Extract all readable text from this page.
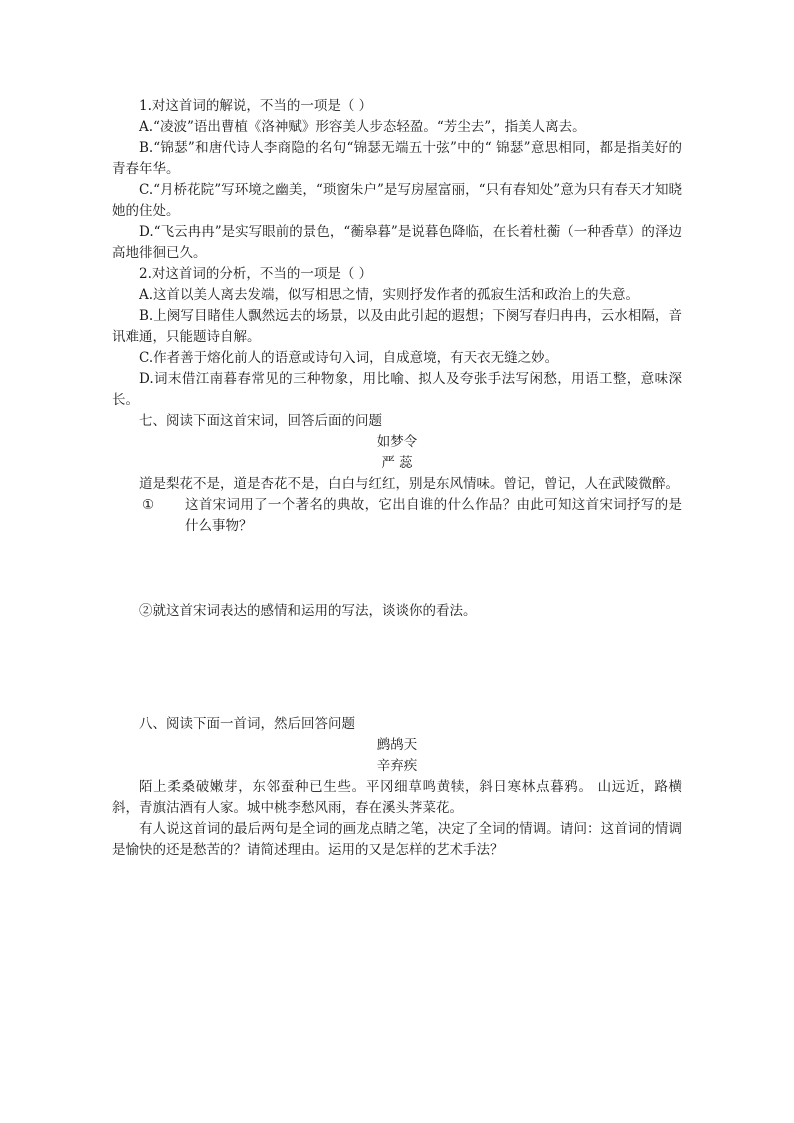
1.对这首词的解说，不当的一项是（ ）

A.“凌波”语出曹植《洛神赋》形容美人步态轻盈。“芳尘去”，指美人离去。

B.“锦瑟”和唐代诗人李商隐的名句“锦瑟无端五十弦”中的“ 锦瑟”意思相同，都是指美好的青春年华。

C.“月桥花院”写环境之幽美，“琐窗朱户”是写房屋富丽，“只有春知处”意为只有春天才知晓她的住处。

D.“飞云冉冉”是实写眼前的景色，“蘅皋暮”是说暮色降临，在长着杜蘅（一种香草）的泽边高地徘徊已久。

2.对这首词的分析，不当的一项是（ ）

A.这首以美人离去发端，似写相思之情，实则抒发作者的孤寂生活和政治上的失意。

B.上阕写目睹佳人飘然远去的场景，以及由此引起的遐想；下阕写春归冉冉，云水相隔，音讯难通，只能题诗自解。

C.作者善于熔化前人的语意或诗句入词，自成意境，有天衣无缝之妙。

D.词末借江南暮春常见的三种物象，用比喻、拟人及夸张手法写闲愁，用语工整，意味深长。

七、阅读下面这首宋词，回答后面的问题

如梦令

严 蕊

道是梨花不是，道是杏花不是，白白与红红，别是东风情味。曾记，曾记，人在武陵微醉。

①	这首宋词用了一个著名的典故，它出自谁的什么作品？由此可知这首宋词抒写的是什么事物？

②就这首宋词表达的感情和运用的写法，谈谈你的看法。

八、阅读下面一首词，然后回答问题

鹧鸪天

辛弃疾

陌上柔桑破嫩芽，东邻蚕种已生些。平冈细草鸣黄犊，斜日寒林点暮鸦。 山远近，路横斜，青旗沽酒有人家。城中桃李愁风雨，春在溪头荠菜花。

有人说这首词的最后两句是全词的画龙点睛之笔，决定了全词的情调。请问：这首词的情调是愉快的还是愁苦的？请简述理由。运用的又是怎样的艺术手法？
